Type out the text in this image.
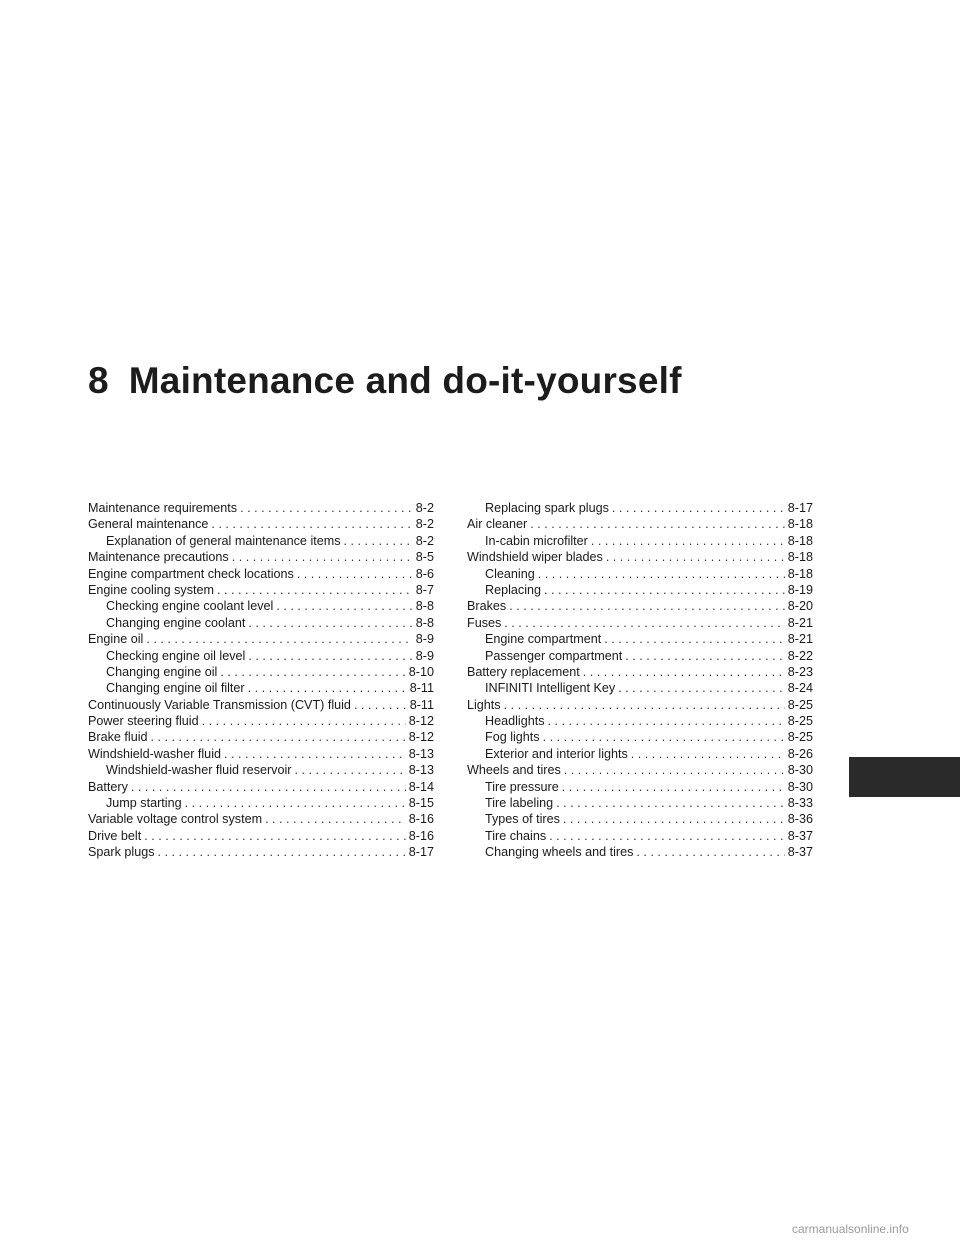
8 Maintenance and do-it-yourself
Maintenance requirements . . .	8-2
General maintenance . . .	8-2
Explanation of general maintenance items . . .	8-2
Maintenance precautions . . .	8-5
Engine compartment check locations . . .	8-6
Engine cooling system . . .	8-7
Checking engine coolant level . . .	8-8
Changing engine coolant . . .	8-8
Engine oil . . .	8-9
Checking engine oil level . . .	8-9
Changing engine oil . . .	8-10
Changing engine oil filter . . .	8-11
Continuously Variable Transmission (CVT) fluid . . .	8-11
Power steering fluid . . .	8-12
Brake fluid . . .	8-12
Windshield-washer fluid . . .	8-13
Windshield-washer fluid reservoir . . .	8-13
Battery . . .	8-14
Jump starting . . .	8-15
Variable voltage control system . . .	8-16
Drive belt . . .	8-16
Spark plugs . . .	8-17
Replacing spark plugs . . .	8-17
Air cleaner . . .	8-18
In-cabin microfilter . . .	8-18
Windshield wiper blades . . .	8-18
Cleaning . . .	8-18
Replacing . . .	8-19
Brakes . . .	8-20
Fuses . . .	8-21
Engine compartment . . .	8-21
Passenger compartment . . .	8-22
Battery replacement . . .	8-23
INFINITI Intelligent Key . . .	8-24
Lights . . .	8-25
Headlights . . .	8-25
Fog lights . . .	8-25
Exterior and interior lights . . .	8-26
Wheels and tires . . .	8-30
Tire pressure . . .	8-30
Tire labeling . . .	8-33
Types of tires . . .	8-36
Tire chains . . .	8-37
Changing wheels and tires . . .	8-37
carmanualsonline.info
